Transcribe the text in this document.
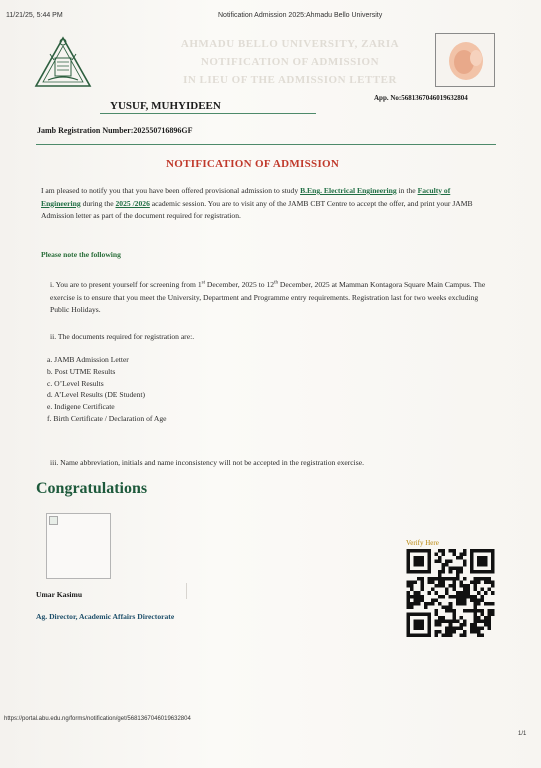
11/21/25, 5:44 PM	Notification Admission 2025:Ahmadu Bello University
AHMADU BELLO UNIVERSITY, ZARIA
NOTIFICATION OF ADMISSION
IN LIEU OF THE ADMISSION LETTER
App. No:5681367046019632804
YUSUF, MUHYIDEEN
Jamb Registration Number:202550716896GF
NOTIFICATION OF ADMISSION
I am pleased to notify you that you have been offered provisional admission to study B.Eng. Electrical Engineering in the Faculty of Engineering during the 2025 /2026 academic session. You are to visit any of the JAMB CBT Centre to accept the offer, and print your JAMB Admission letter as part of the document required for registration.
Please note the following
i. You are to present yourself for screening from 1st December, 2025 to 12th December, 2025 at Mamman Kontagora Square Main Campus. The exercise is to ensure that you meet the University, Department and Programme entry requirements. Registration last for two weeks excluding Public Holidays.
ii. The documents required for registration are:.
a. JAMB Admission Letter
b. Post UTME Results
c. O’Level Results
d. A’Level Results (DE Student)
e. Indigene Certificate
f. Birth Certificate / Declaration of Age
iii. Name abbreviation, initials and name inconsistency will not be accepted in the registration exercise.
Congratulations
Umar Kasimu
Ag. Director, Academic Affairs Directorate
Verify Here
https://portal.abu.edu.ng/forms/notification/get/5681367046019632804
1/1
